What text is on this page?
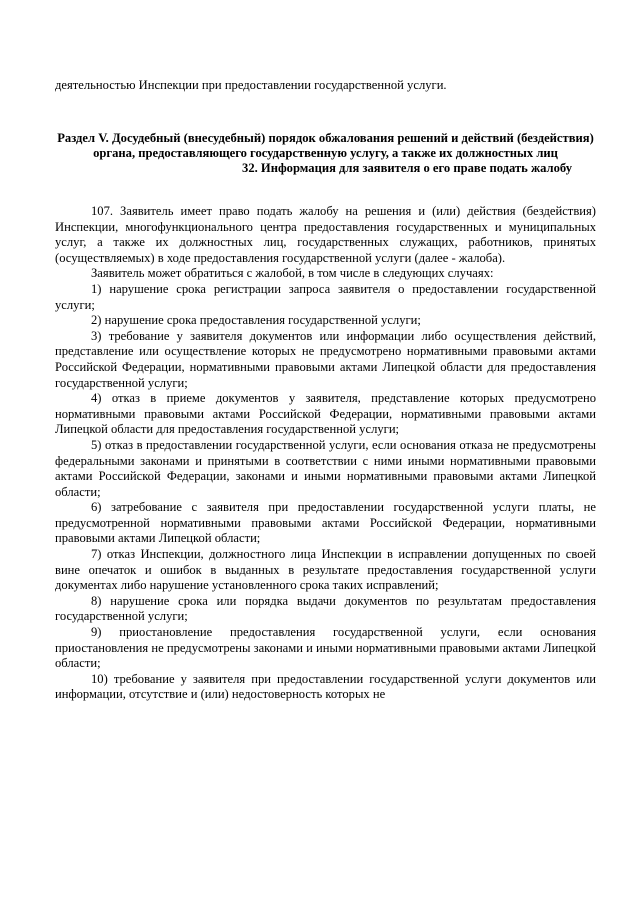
деятельностью Инспекции при предоставлении государственной услуги.

Раздел V. Досудебный (внесудебный) порядок обжалования решений и действий (бездействия) органа, предоставляющего государственную услугу, а также их должностных лиц

32. Информация для заявителя о его праве подать жалобу

107. Заявитель имеет право подать жалобу на решения и (или) действия (бездействия) Инспекции, многофункционального центра предоставления государственных и муниципальных услуг, а также их должностных лиц, государственных служащих, работников, принятых (осуществляемых) в ходе предоставления государственной услуги (далее - жалоба).

Заявитель может обратиться с жалобой, в том числе в следующих случаях:

1) нарушение срока регистрации запроса заявителя о предоставлении государственной услуги;

2) нарушение срока предоставления государственной услуги;

3) требование у заявителя документов или информации либо осуществления действий, представление или осуществление которых не предусмотрено нормативными правовыми актами Российской Федерации, нормативными правовыми актами Липецкой области для предоставления государственной услуги;

4) отказ в приеме документов у заявителя, представление которых предусмотрено нормативными правовыми актами Российской Федерации, нормативными правовыми актами Липецкой области для предоставления государственной услуги;

5) отказ в предоставлении государственной услуги, если основания отказа не предусмотрены федеральными законами и принятыми в соответствии с ними иными нормативными правовыми актами Российской Федерации, законами и иными нормативными правовыми актами Липецкой области;

6) затребование с заявителя при предоставлении государственной услуги платы, не предусмотренной нормативными правовыми актами Российской Федерации, нормативными правовыми актами Липецкой области;

7) отказ Инспекции, должностного лица Инспекции в исправлении допущенных по своей вине опечаток и ошибок в выданных в результате предоставления государственной услуги документах либо нарушение установленного срока таких исправлений;

8) нарушение срока или порядка выдачи документов по результатам предоставления государственной услуги;

9) приостановление предоставления государственной услуги, если основания приостановления не предусмотрены законами и иными нормативными правовыми актами Липецкой области;

10) требование у заявителя при предоставлении государственной услуги документов или информации, отсутствие и (или) недостоверность которых не
